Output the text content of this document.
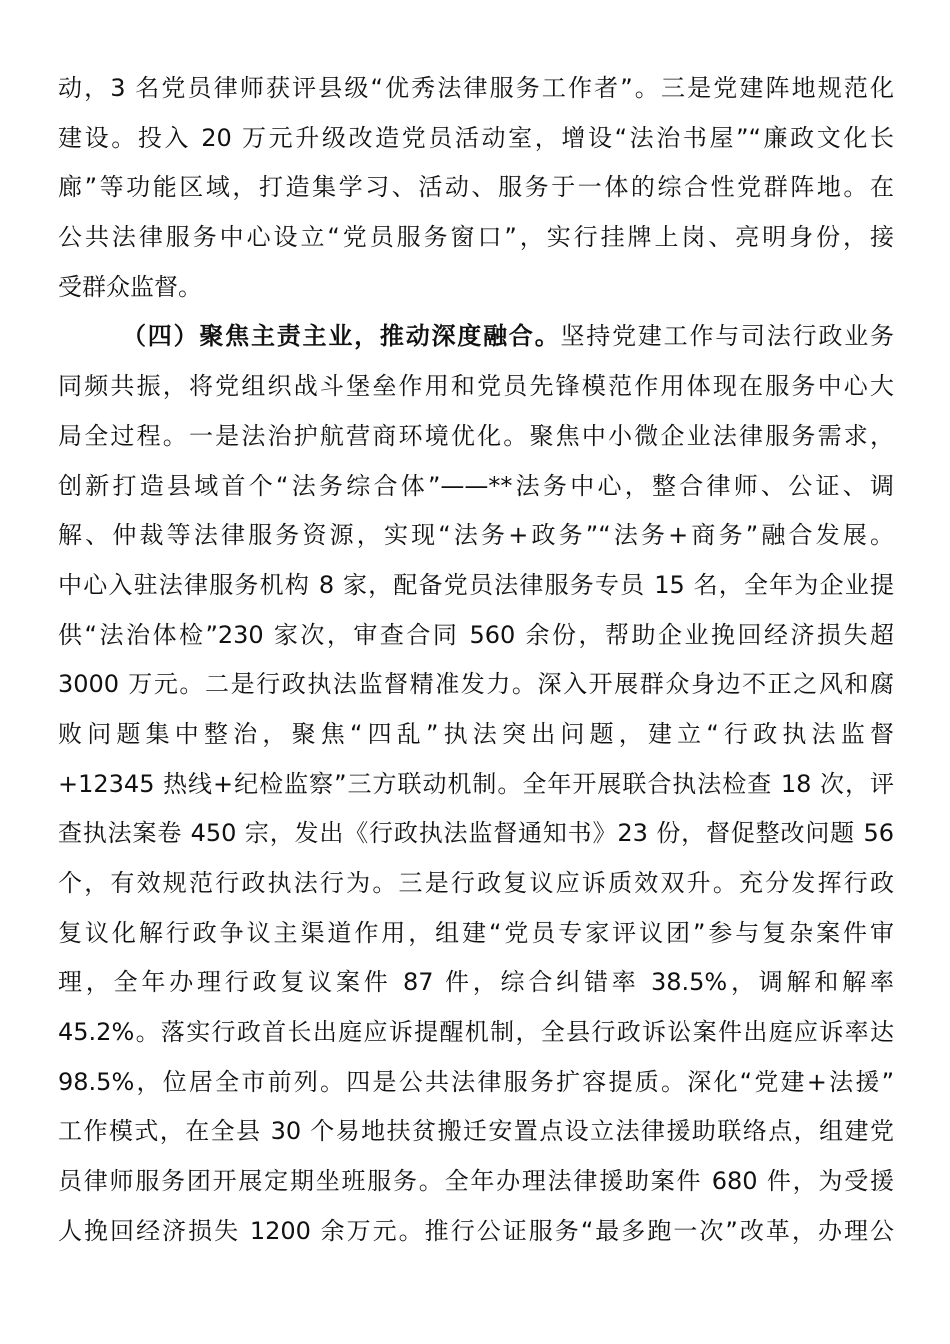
动，3 名党员律师获评县级“优秀法律服务工作者”。三是党建阵地规范化
建设。投入 20 万元升级改造党员活动室，增设“法治书屋”“廉政文化长
廊”等功能区域，打造集学习、活动、服务于一体的综合性党群阵地。在
公共法律服务中心设立“党员服务窗口”，实行挂牌上岗、亮明身份，接
受群众监督。
（四）聚焦主责主业，推动深度融合。坚持党建工作与司法行政业务
同频共振，将党组织战斗堡垒作用和党员先锋模范作用体现在服务中心大
局全过程。一是法治护航营商环境优化。聚焦中小微企业法律服务需求，
创新打造县域首个“法务综合体”——**法务中心，整合律师、公证、调
解、仲裁等法律服务资源，实现“法务+政务”“法务+商务”融合发展。
中心入驻法律服务机构 8 家，配备党员法律服务专员 15 名，全年为企业提
供“法治体检”230 家次，审查合同 560 余份，帮助企业挽回经济损失超
3000 万元。二是行政执法监督精准发力。深入开展群众身边不正之风和腐
败问题集中整治，聚焦“四乱”执法突出问题，建立“行政执法监督
+12345 热线+纪检监察”三方联动机制。全年开展联合执法检查 18 次，评
查执法案卷 450 宗，发出《行政执法监督通知书》23 份，督促整改问题 56
个，有效规范行政执法行为。三是行政复议应诉质效双升。充分发挥行政
复议化解行政争议主渠道作用，组建“党员专家评议团”参与复杂案件审
理，全年办理行政复议案件 87 件，综合纠错率 38.5%，调解和解率
45.2%。落实行政首长出庭应诉提醒机制，全县行政诉讼案件出庭应诉率达
98.5%，位居全市前列。四是公共法律服务扩容提质。深化“党建+法援”
工作模式，在全县 30 个易地扶贫搬迁安置点设立法律援助联络点，组建党
员律师服务团开展定期坐班服务。全年办理法律援助案件 680 件，为受援
人挽回经济损失 1200 余万元。推行公证服务“最多跑一次”改革，办理公
